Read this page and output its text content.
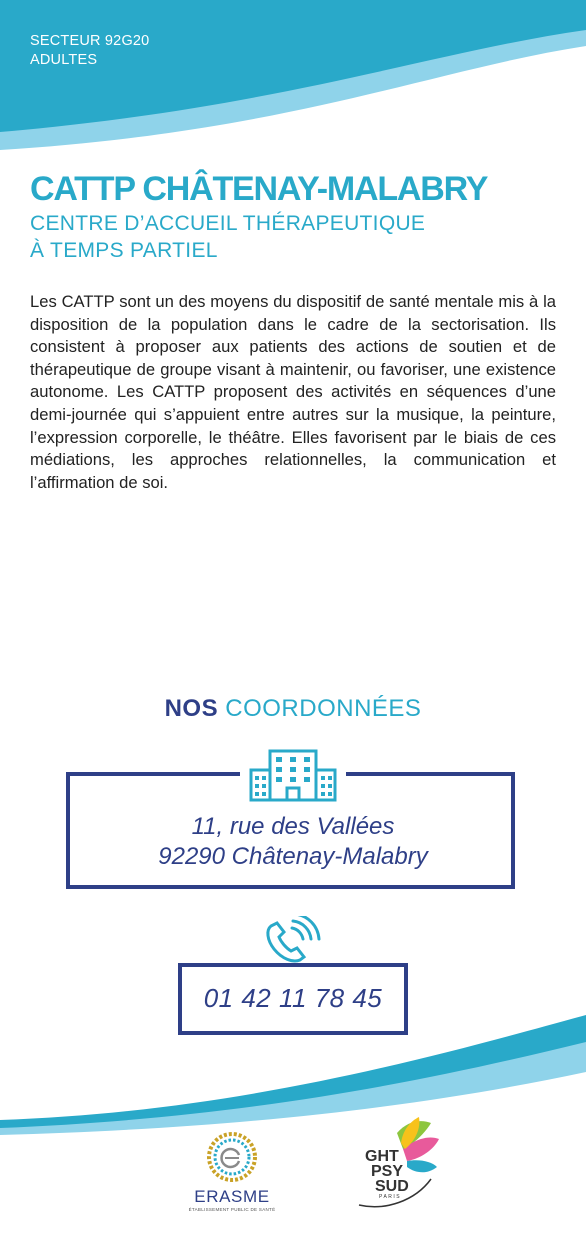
SECTEUR 92G20
ADULTES
CATTP CHÂTENAY-MALABRY
CENTRE D’ACCUEIL THÉRAPEUTIQUE
À TEMPS PARTIEL

Les CATTP sont un des moyens du dispositif de santé mentale mis à la disposition de la population dans le cadre de la sectorisation. Ils consistent à proposer aux patients des actions de soutien et de thérapeutique de groupe visant à maintenir, ou favoriser, une existence autonome. Les CATTP proposent des activités en séquences d’une demi-journée qui s’appuient entre autres sur la musique, la peinture, l’expression corporelle, le théâtre. Elles favorisent par le biais de ces médiations, les approches relationnelles, la communication et l’affirmation de soi.

NOS COORDONNÉES
11, rue des Vallées
92290 Châtenay-Malabry
01 42 11 78 45
ERASME
ÉTABLISSEMENT PUBLIC DE SANTÉ
GHT
PSY
SUD
PARIS
